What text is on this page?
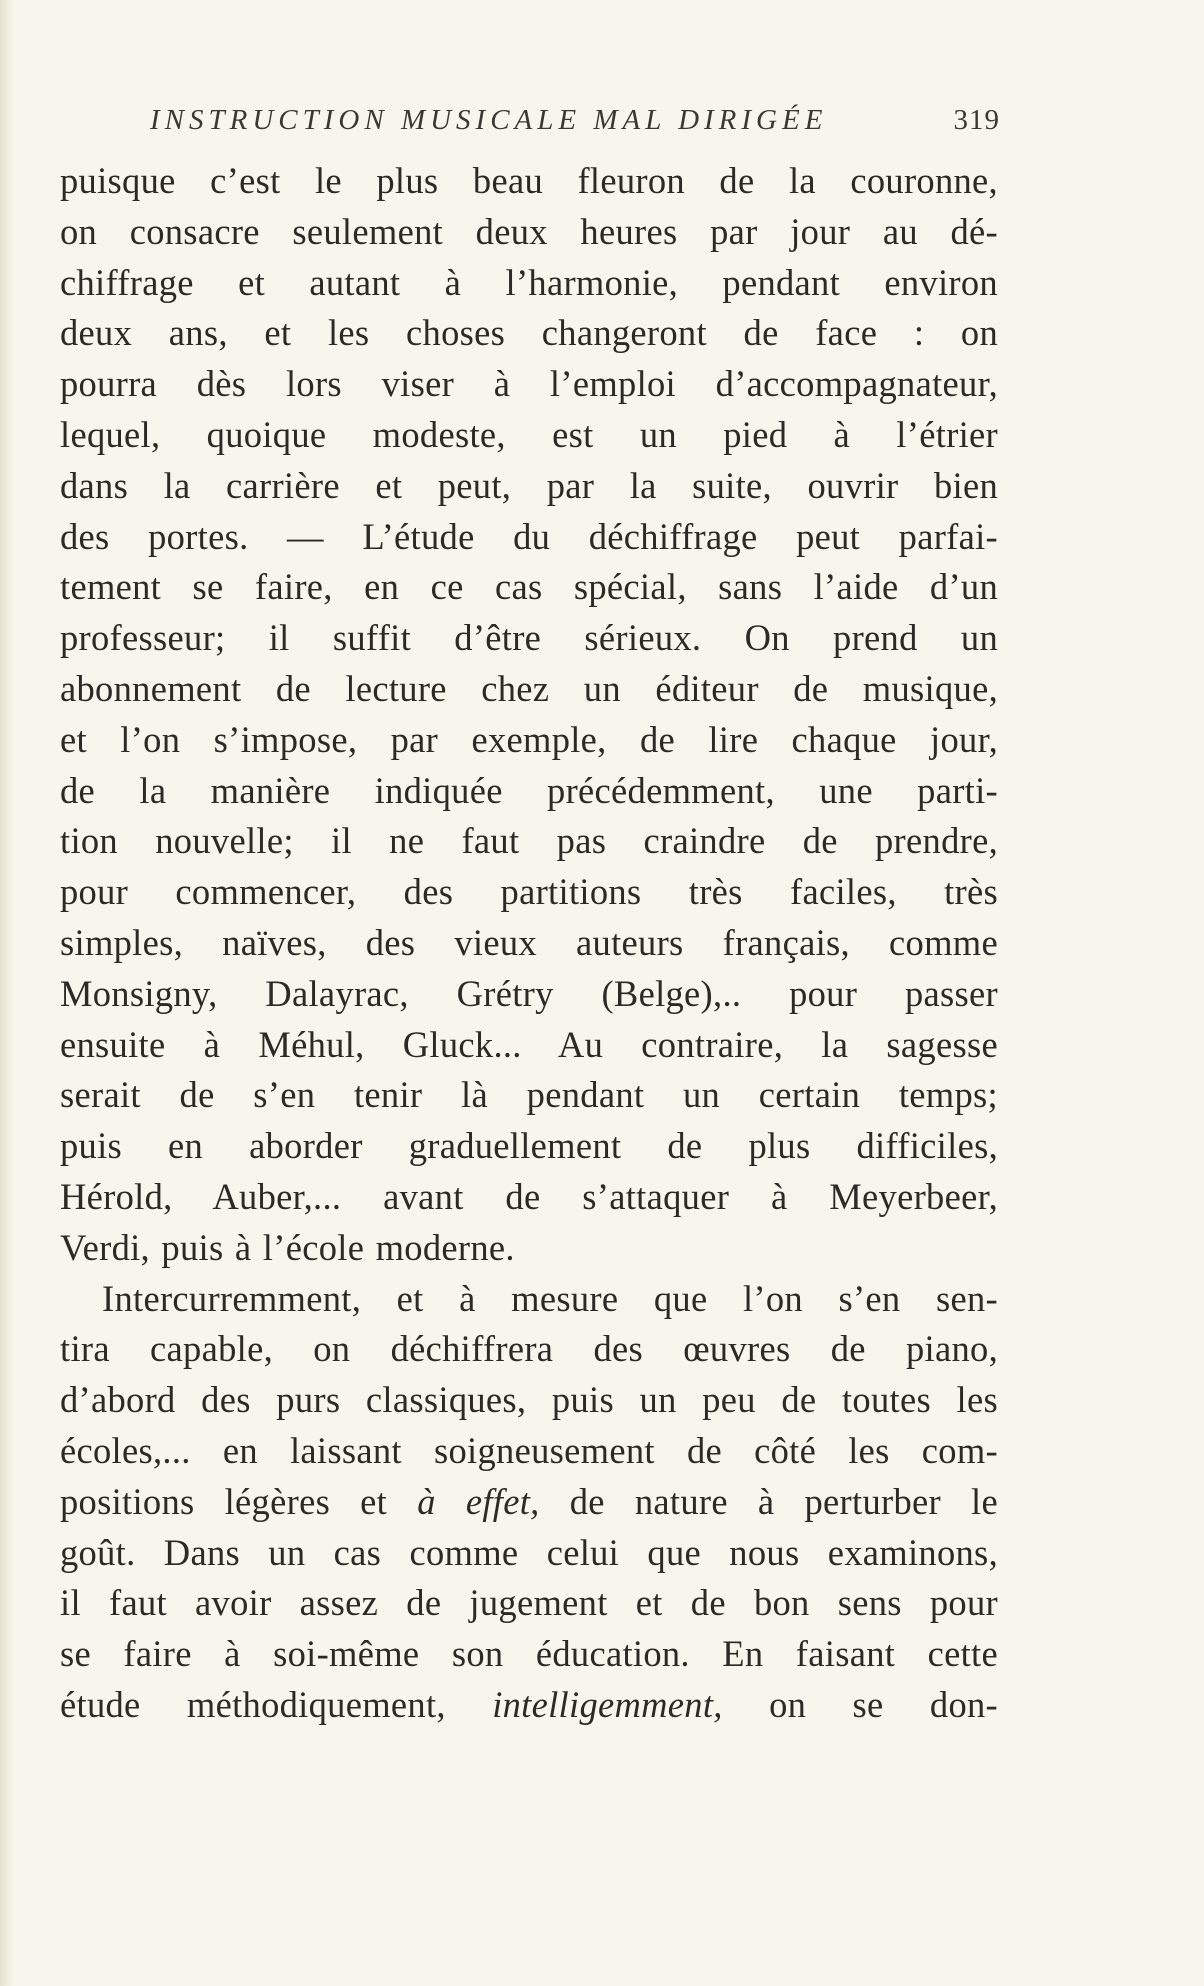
INSTRUCTION MUSICALE MAL DIRIGÉE	319
puisque c’est le plus beau fleuron de la couronne,
on consacre seulement deux heures par jour au dé-
chiffrage et autant à l’harmonie, pendant environ
deux ans, et les choses changeront de face : on
pourra dès lors viser à l’emploi d’accompagnateur,
lequel, quoique modeste, est un pied à l’étrier
dans la carrière et peut, par la suite, ouvrir bien
des portes. — L’étude du déchiffrage peut parfai-
tement se faire, en ce cas spécial, sans l’aide d’un
professeur; il suffit d’être sérieux. On prend un
abonnement de lecture chez un éditeur de musique,
et l’on s’impose, par exemple, de lire chaque jour,
de la manière indiquée précédemment, une parti-
tion nouvelle; il ne faut pas craindre de prendre,
pour commencer, des partitions très faciles, très
simples, naïves, des vieux auteurs français, comme
Monsigny, Dalayrac, Grétry (Belge),.. pour passer
ensuite à Méhul, Gluck... Au contraire, la sagesse
serait de s’en tenir là pendant un certain temps;
puis en aborder graduellement de plus difficiles,
Hérold, Auber,... avant de s’attaquer à Meyerbeer,
Verdi, puis à l’école moderne.
Intercurremment, et à mesure que l’on s’en sen-
tira capable, on déchiffrera des œuvres de piano,
d’abord des purs classiques, puis un peu de toutes les
écoles,... en laissant soigneusement de côté les com-
positions légères et à effet, de nature à perturber le
goût. Dans un cas comme celui que nous examinons,
il faut avoir assez de jugement et de bon sens pour
se faire à soi-même son éducation. En faisant cette
étude méthodiquement, intelligemment, on se don-
